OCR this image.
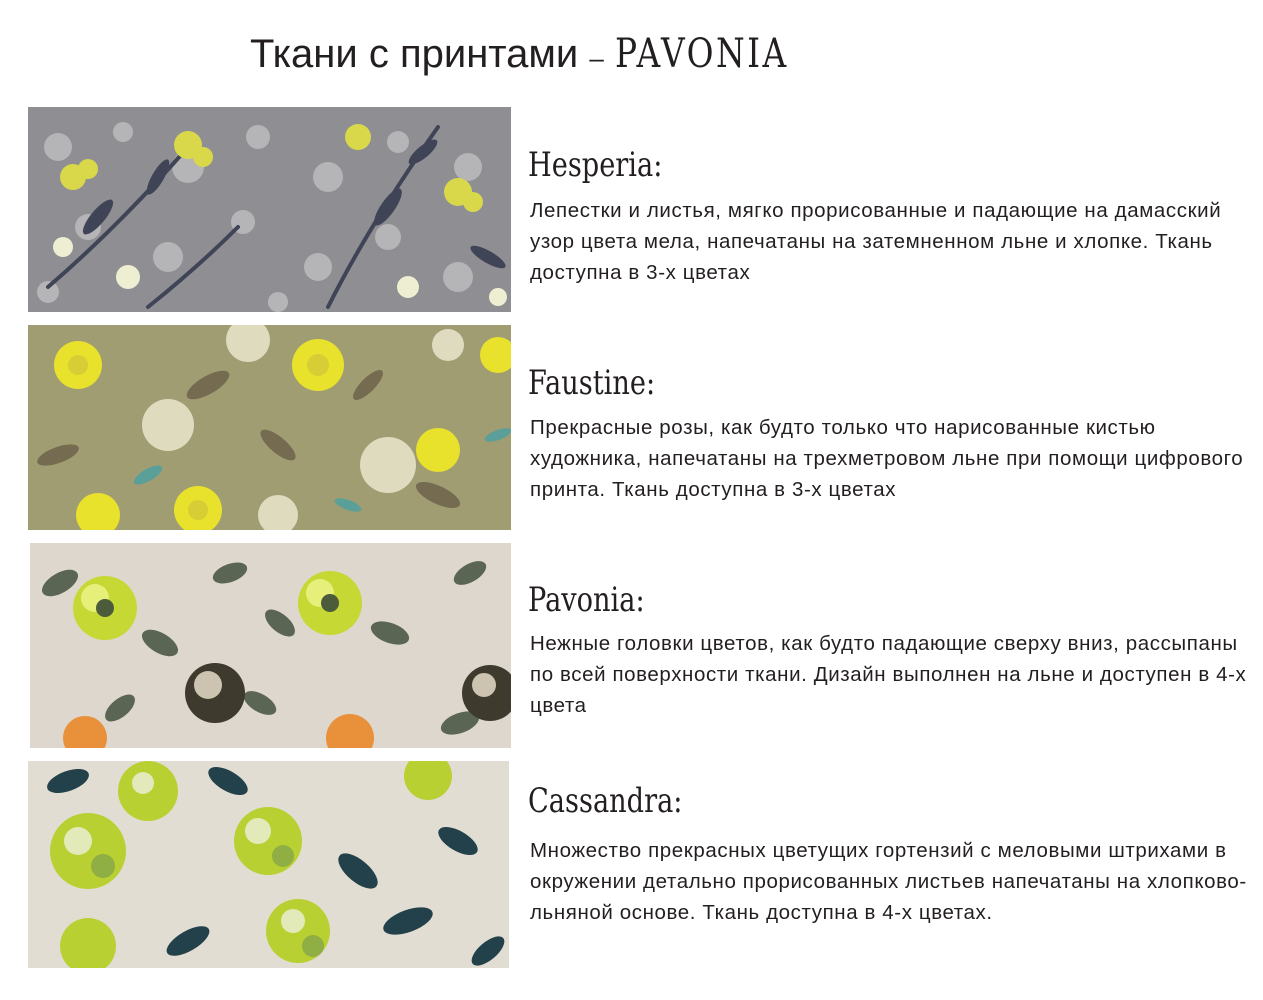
Ткани с принтами – PAVONIA
Hesperia:
Лепестки и листья, мягко прорисованные и падающие на дамасский узор цвета мела, напечатаны на затемненном льне и хлопке. Ткань доступна в 3-х цветах
Faustine:
Прекрасные розы, как будто только что нарисованные кистью художника, напечатаны на трехметровом льне при помощи цифрового принта. Ткань доступна в 3-х цветах
Pavonia:
Нежные головки цветов, как будто падающие сверху вниз, рассыпаны по всей поверхности ткани. Дизайн выполнен на льне и доступен в 4-х цвета
Cassandra:
Множество прекрасных цветущих гортензий с меловыми штрихами в окружении детально прорисованных листьев напечатаны на хлопково-льняной основе. Ткань доступна в 4-х цветах.
